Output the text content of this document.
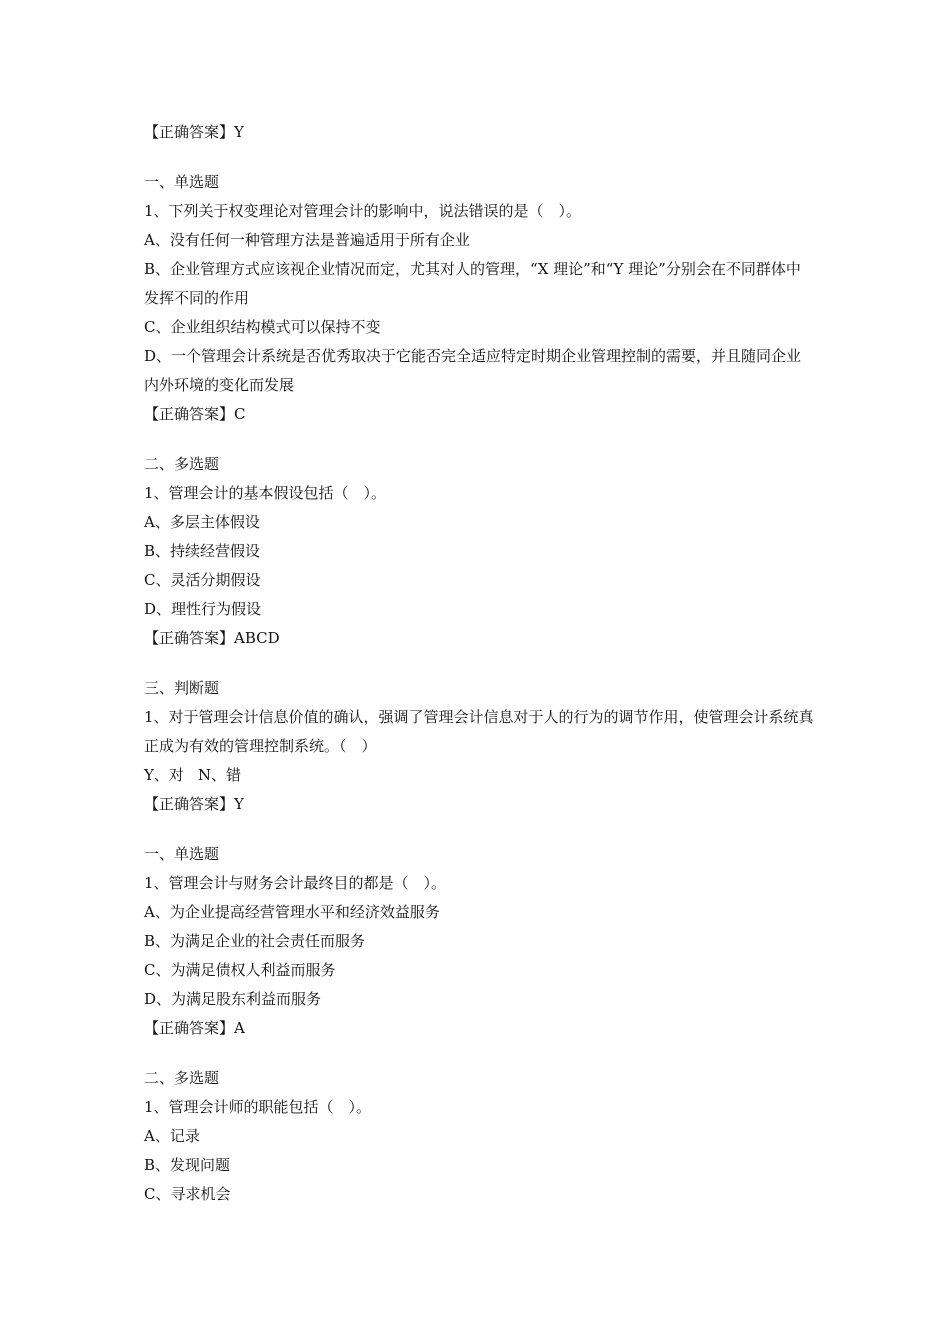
【正确答案】Y
一、单选题
1、下列关于权变理论对管理会计的影响中，说法错误的是（　）。
A、没有任何一种管理方法是普遍适用于所有企业
B、企业管理方式应该视企业情况而定，尤其对人的管理，“X 理论”和“Y 理论”分别会在不同群体中发挥不同的作用
C、企业组织结构模式可以保持不变
D、一个管理会计系统是否优秀取决于它能否完全适应特定时期企业管理控制的需要，并且随同企业内外环境的变化而发展
【正确答案】C
二、多选题
1、管理会计的基本假设包括（　）。
A、多层主体假设
B、持续经营假设
C、灵活分期假设
D、理性行为假设
【正确答案】ABCD
三、判断题
1、对于管理会计信息价值的确认，强调了管理会计信息对于人的行为的调节作用，使管理会计系统真正成为有效的管理控制系统。（　）
Y、对 N、错
【正确答案】Y
一、单选题
1、管理会计与财务会计最终目的都是（　）。
A、为企业提高经营管理水平和经济效益服务
B、为满足企业的社会责任而服务
C、为满足债权人利益而服务
D、为满足股东利益而服务
【正确答案】A
二、多选题
1、管理会计师的职能包括（　）。
A、记录
B、发现问题
C、寻求机会
